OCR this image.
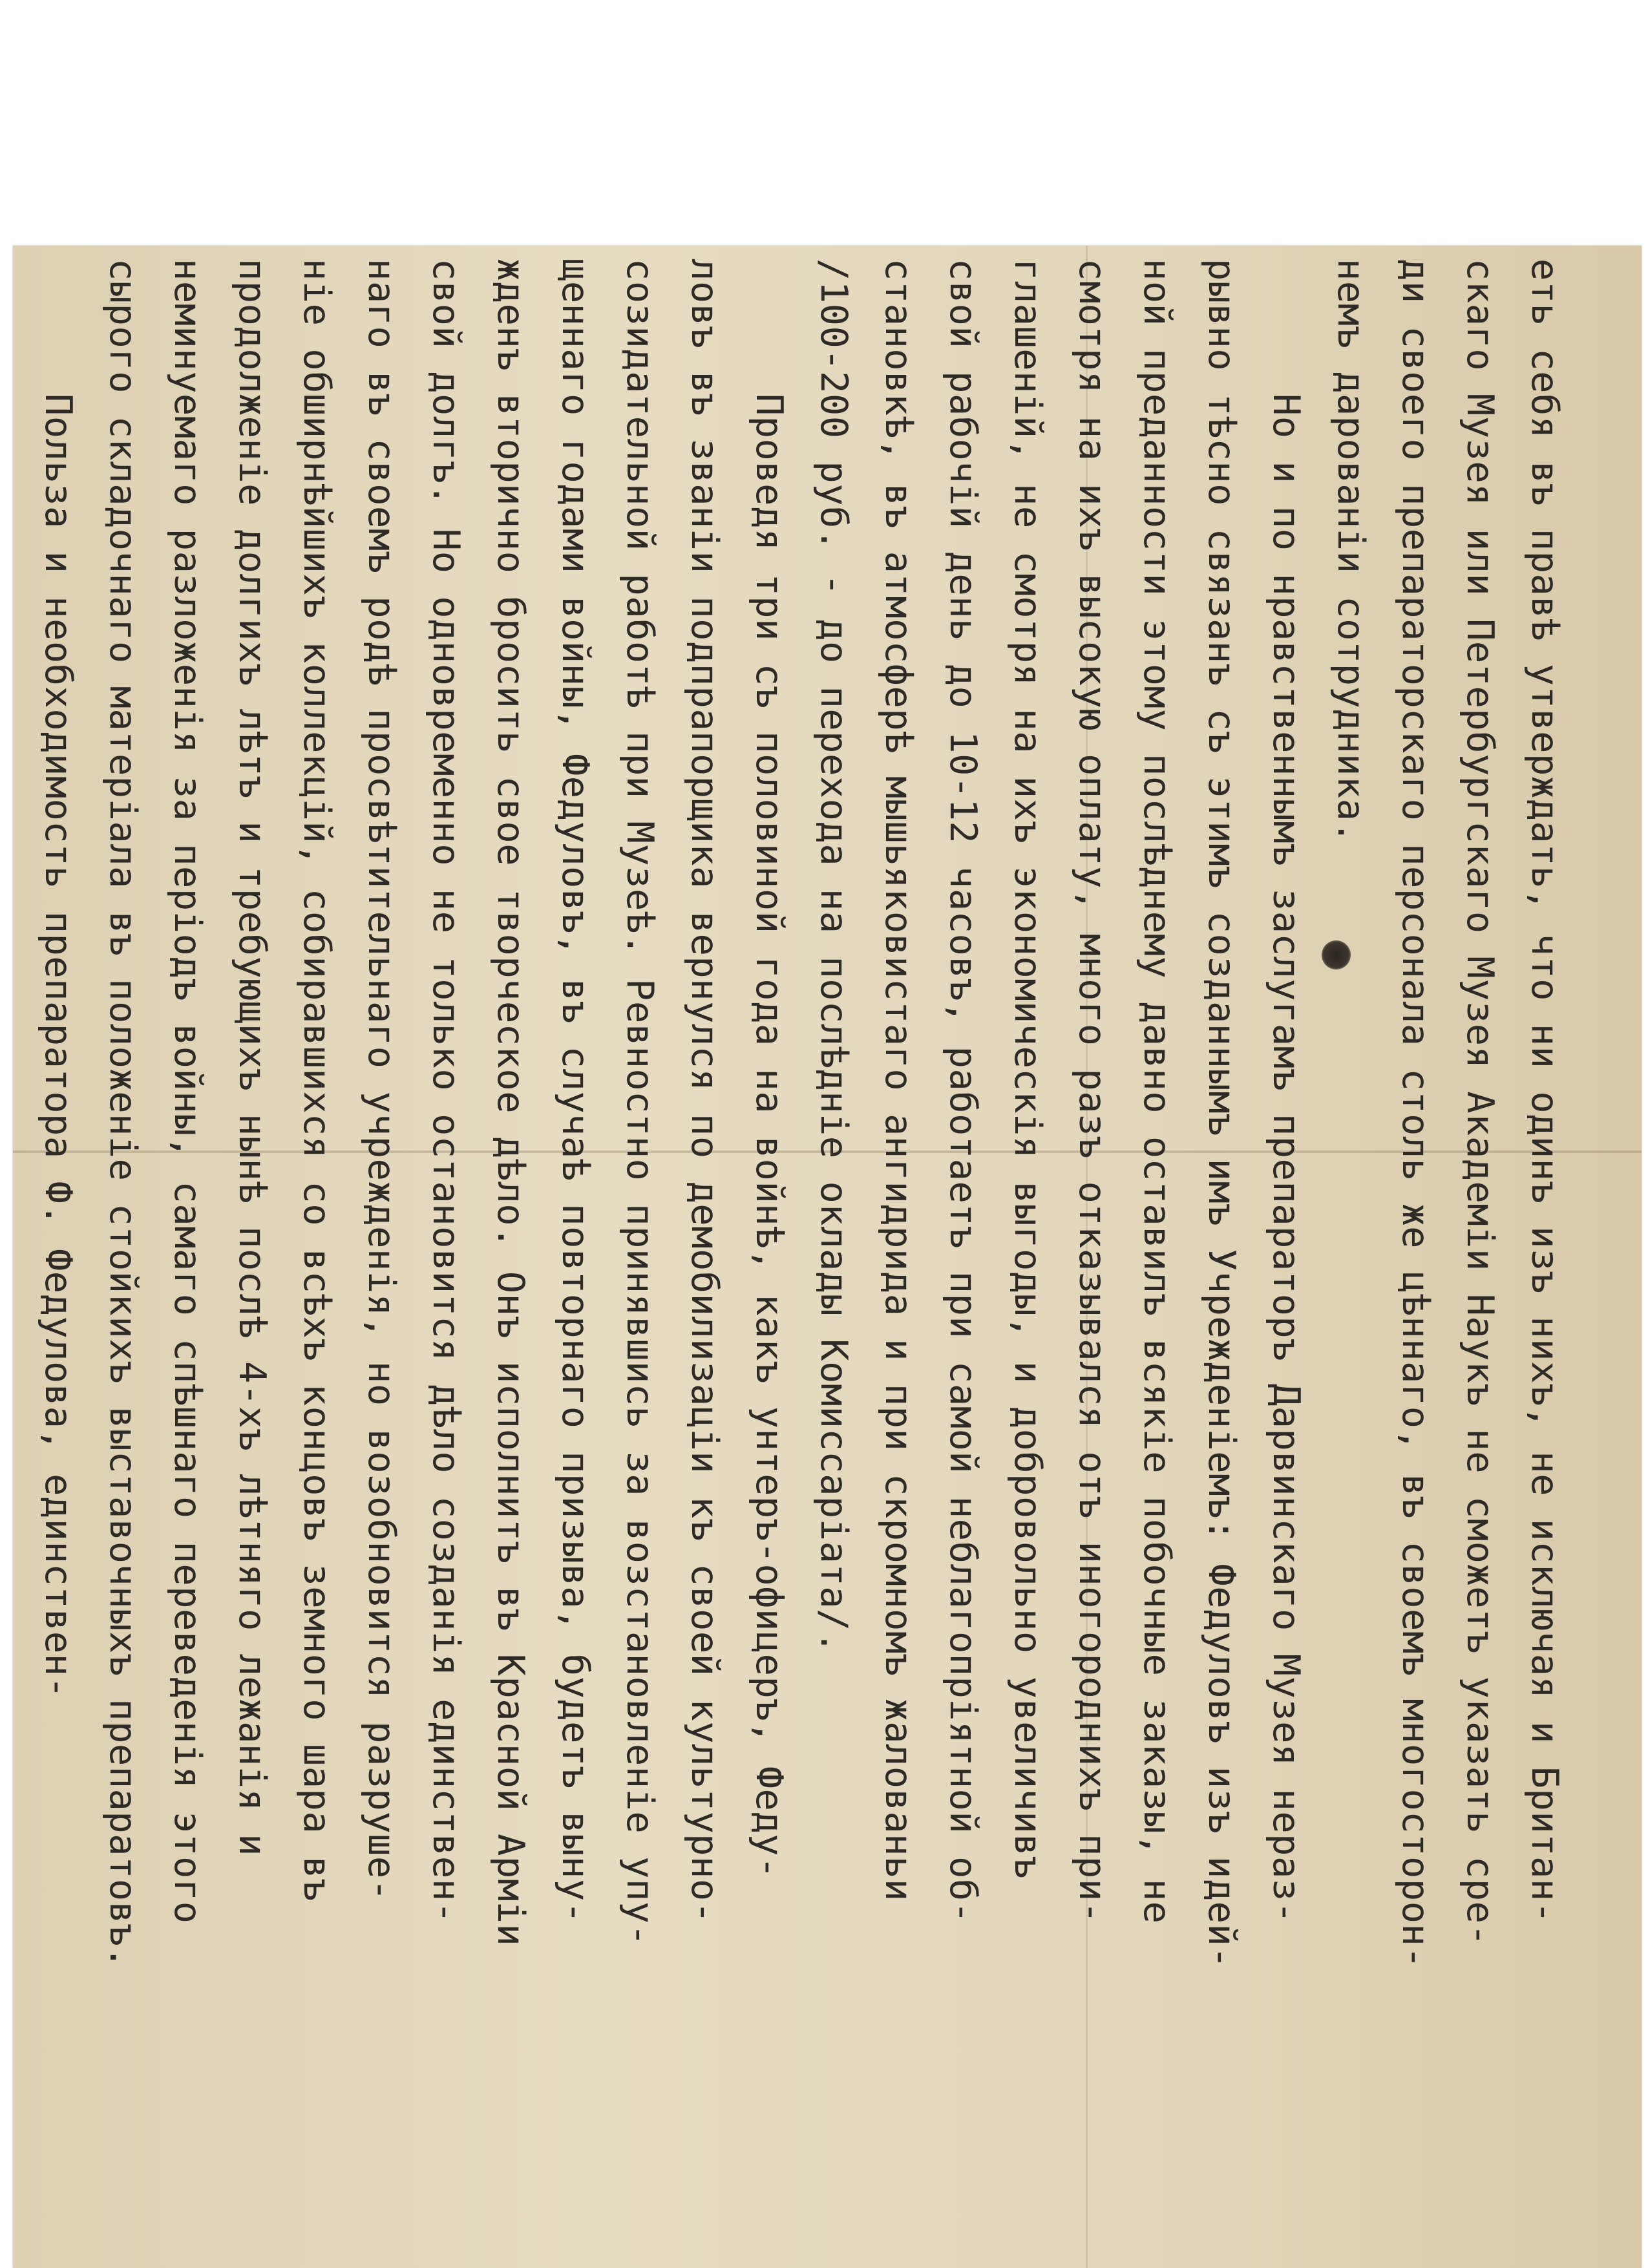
еть себя въ правѣ утверждать, что ни одинъ изъ нихъ, не исключая и Британ-
скаго Музея или Петербургскаго Музея Академіи Наукъ не сможетъ указать сре-
ди своего препараторскаго персонала столь же цѣннаго, въ своемъ многосторон-
немъ дарованіи сотрудника.
Но и по нравственнымъ заслугамъ препараторъ Дарвинскаго Музея нераз-
рывно тѣсно связанъ съ этимъ созданнымъ имъ Учрежденіемъ: Федуловъ изъ идей-
ной преданности этому послѣднему давно оставилъ всякіе побочные заказы, не
смотря на ихъ высокую оплату, много разъ отказывался отъ иногороднихъ при-
глашеній, не смотря на ихъ экономическія выгоды, и добровольно увеличивъ
свой рабочій день до 10-12 часовъ, работаетъ при самой неблагопріятной об-
становкѣ, въ атмосферѣ мышьяковистаго ангидрида и при скромномъ жалованьи
/100-200 руб. - до перехода на послѣдніе оклады Комиссаріата/.
Проведя три съ половиной года на войнѣ, какъ унтеръ-офицеръ, Феду-
ловъ въ званіи подпрапорщика вернулся по демобилизаціи къ своей культурно-
созидательной работѣ при Музеѣ. Ревностно принявшись за возстановленіе упу-
щеннаго годами войны, Федуловъ, въ случаѣ повторнаго призыва, будетъ выну-
жденъ вторично бросить свое творческое дѣло. Онъ исполнитъ въ Красной Арміи
свой долгъ. Но одновременно не только остановится дѣло созданія единствен-
наго въ своемъ родѣ просвѣтительнаго учрежденія, но возобновится разруше-
ніе обширнѣйшихъ коллекцій, собиравшихся со всѣхъ концовъ земного шара въ
продолженіе долгихъ лѣтъ и требующихъ нынѣ послѣ 4-хъ лѣтняго лежанія и
неминуемаго разложенія за періодъ войны, самаго спѣшнаго переведенія этого
сырого складочнаго матеріала въ положеніе стойкихъ выставочныхъ препаратовъ.
Польза и необходимость препаратора Ф. Федулова, единствен-
